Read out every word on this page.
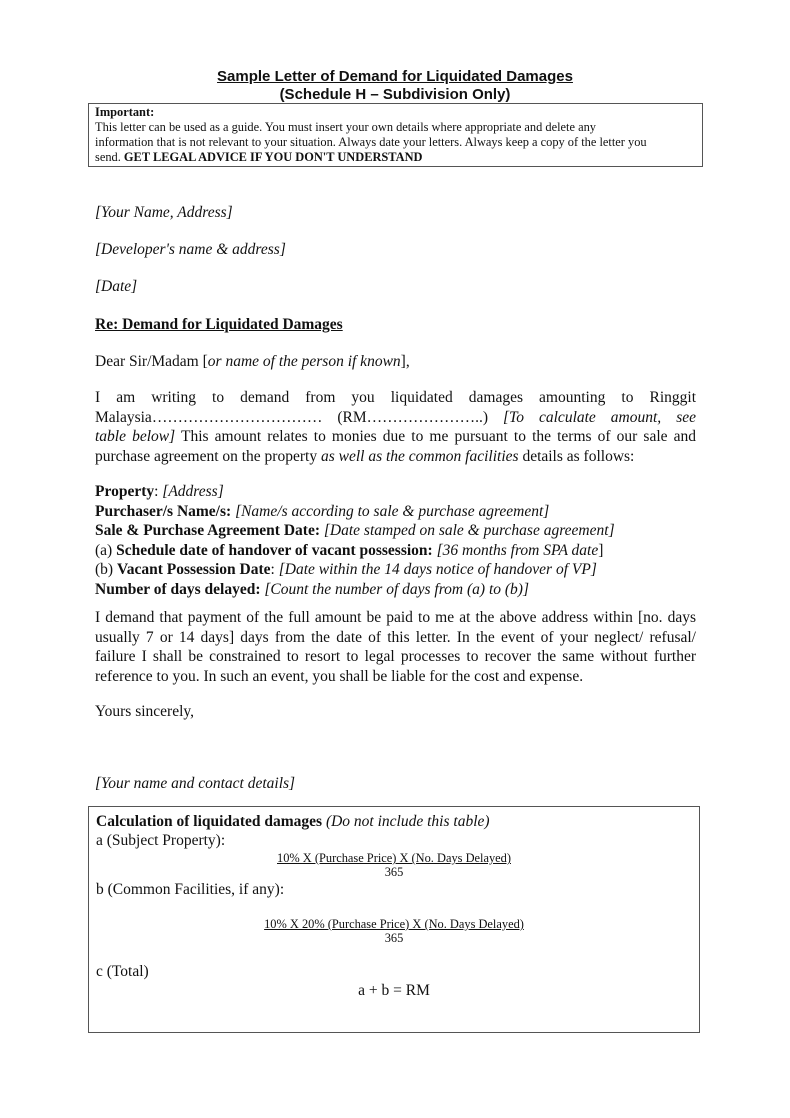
Sample Letter of Demand for Liquidated Damages
(Schedule H – Subdivision Only)
Important:
This letter can be used as a guide. You must insert your own details where appropriate and delete any
information that is not relevant to your situation. Always date your letters. Always keep a copy of the letter you
send. GET LEGAL ADVICE IF YOU DON'T UNDERSTAND
[Your Name, Address]
[Developer's name & address]
[Date]
Re: Demand for Liquidated Damages
Dear Sir/Madam [or name of the person if known],
I am writing to demand from you liquidated damages amounting to Ringgit
Malaysia…………………………… (RM…………………..) [To calculate amount, see
table below] This amount relates to monies due to me pursuant to the terms of our sale and
purchase agreement on the property as well as the common facilities details as follows:
Property: [Address]
Purchaser/s Name/s: [Name/s according to sale & purchase agreement]
Sale & Purchase Agreement Date: [Date stamped on sale & purchase agreement]
(a) Schedule date of handover of vacant possession: [36 months from SPA date]
(b) Vacant Possession Date: [Date within the 14 days notice of handover of VP]
Number of days delayed: [Count the number of days from (a) to (b)]
I demand that payment of the full amount be paid to me at the above address within [no. days
usually 7 or 14 days] days from the date of this letter. In the event of your neglect/ refusal/
failure I shall be constrained to resort to legal processes to recover the same without further
reference to you. In such an event, you shall be liable for the cost and expense.
Yours sincerely,
[Your name and contact details]
Calculation of liquidated damages (Do not include this table)
a (Subject Property):
10% X (Purchase Price) X (No. Days Delayed)
365
b (Common Facilities, if any):
10% X 20% (Purchase Price) X (No. Days Delayed)
365
c (Total)
a + b = RM
